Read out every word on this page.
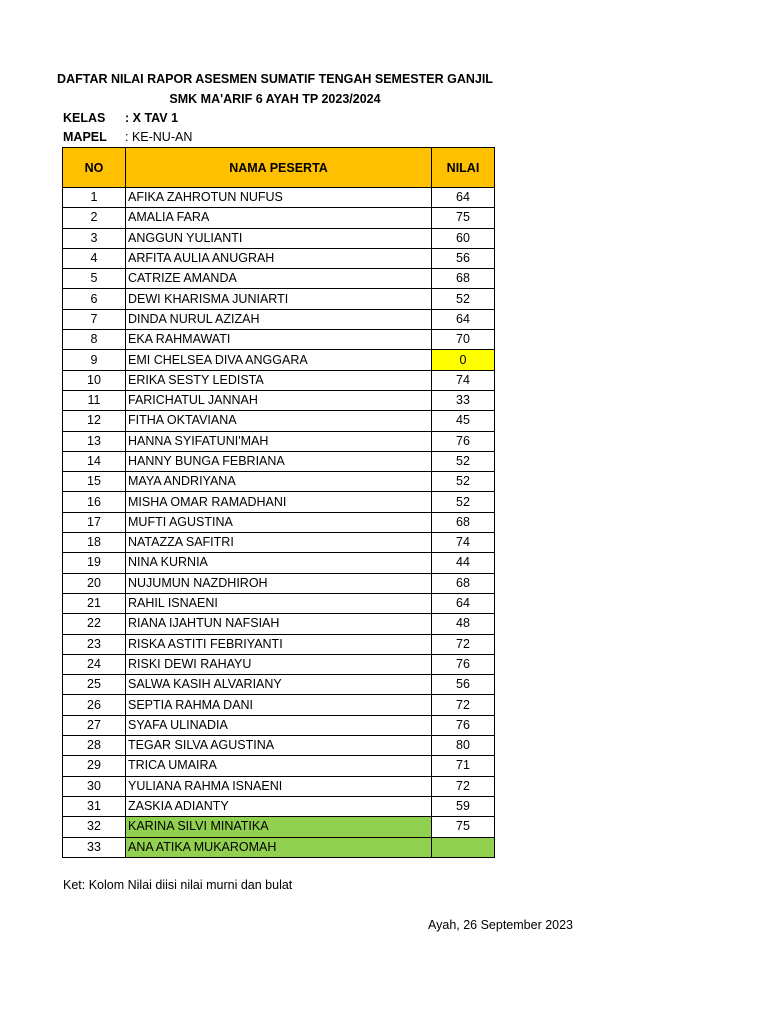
DAFTAR NILAI RAPOR ASESMEN SUMATIF TENGAH SEMESTER GANJIL
SMK MA'ARIF 6 AYAH TP 2023/2024
KELAS : X TAV 1
MAPEL : KE-NU-AN
NO	NAMA PESERTA	NILAI
1	AFIKA ZAHROTUN NUFUS	64
2	AMALIA FARA	75
3	ANGGUN YULIANTI	60
4	ARFITA AULIA ANUGRAH	56
5	CATRIZE AMANDA	68
6	DEWI KHARISMA JUNIARTI	52
7	DINDA NURUL AZIZAH	64
8	EKA RAHMAWATI	70
9	EMI CHELSEA DIVA ANGGARA	0
10	ERIKA SESTY LEDISTA	74
11	FARICHATUL JANNAH	33
12	FITHA OKTAVIANA	45
13	HANNA SYIFATUNI'MAH	76
14	HANNY BUNGA FEBRIANA	52
15	MAYA ANDRIYANA	52
16	MISHA OMAR RAMADHANI	52
17	MUFTI AGUSTINA	68
18	NATAZZA SAFITRI	74
19	NINA KURNIA	44
20	NUJUMUN NAZDHIROH	68
21	RAHIL ISNAENI	64
22	RIANA IJAHTUN NAFSIAH	48
23	RISKA ASTITI FEBRIYANTI	72
24	RISKI DEWI RAHAYU	76
25	SALWA KASIH ALVARIANY	56
26	SEPTIA RAHMA DANI	72
27	SYAFA ULINADIA	76
28	TEGAR SILVA AGUSTINA	80
29	TRICA UMAIRA	71
30	YULIANA RAHMA ISNAENI	72
31	ZASKIA ADIANTY	59
32	KARINA SILVI MINATIKA	75
33	ANA ATIKA MUKAROMAH	
Ket: Kolom Nilai diisi nilai murni dan bulat
Ayah, 26 September 2023
